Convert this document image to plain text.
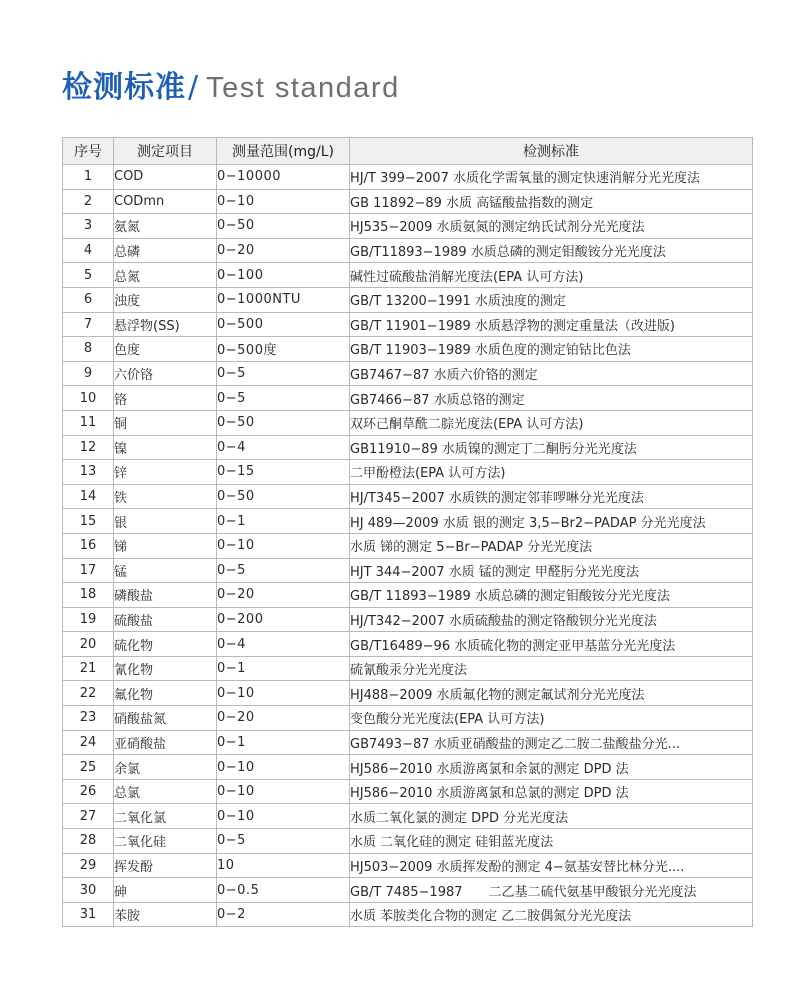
检测标准 / Test standard
序号	测定项目	测量范围(mg/L)	检测标准
1	COD	0−10000	HJ/T 399−2007 水质化学需氧量的测定快速消解分光光度法
2	CODmn	0−10	GB 11892−89 水质 高锰酸盐指数的测定
3	氨氮	0−50	HJ535−2009 水质氨氮的测定纳氏试剂分光光度法
4	总磷	0−20	GB/T11893−1989 水质总磷的测定钼酸铵分光光度法
5	总氮	0−100	碱性过硫酸盐消解光度法(EPA 认可方法)
6	浊度	0−1000NTU	GB/T 13200−1991 水质浊度的测定
7	悬浮物(SS)	0−500	GB/T 11901−1989 水质悬浮物的测定重量法（改进版)
8	色度	0−500度	GB/T 11903−1989 水质色度的测定铂钴比色法
9	六价铬	0−5	GB7467−87 水质六价铬的测定
10	铬	0−5	GB7466−87 水质总铬的测定
11	铜	0−50	双环己酮草酰二腙光度法(EPA 认可方法)
12	镍	0−4	GB11910−89 水质镍的测定丁二酮肟分光光度法
13	锌	0−15	二甲酚橙法(EPA 认可方法)
14	铁	0−50	HJ/T345−2007 水质铁的测定邻菲啰啉分光光度法
15	银	0−1	HJ 489—2009 水质 银的测定 3,5−Br2−PADAP 分光光度法
16	锑	0−10	水质 锑的测定 5−Br−PADAP 分光光度法
17	锰	0−5	HJT 344−2007 水质 锰的测定 甲醛肟分光光度法
18	磷酸盐	0−20	GB/T 11893−1989 水质总磷的测定钼酸铵分光光度法
19	硫酸盐	0−200	HJ/T342−2007 水质硫酸盐的测定铬酸钡分光光度法
20	硫化物	0−4	GB/T16489−96 水质硫化物的测定亚甲基蓝分光光度法
21	氰化物	0−1	硫氰酸汞分光光度法
22	氟化物	0−10	HJ488−2009 水质氟化物的测定氟试剂分光光度法
23	硝酸盐氮	0−20	变色酸分光光度法(EPA 认可方法)
24	亚硝酸盐	0−1	GB7493−87 水质亚硝酸盐的测定乙二胺二盐酸盐分光...
25	余氯	0−10	HJ586−2010 水质游离氯和余氯的测定 DPD 法
26	总氯	0−10	HJ586−2010 水质游离氯和总氯的测定 DPD 法
27	二氧化氯	0−10	水质二氧化氯的测定 DPD 分光光度法
28	二氧化硅	0−5	水质 二氧化硅的测定 硅钼蓝光度法
29	挥发酚	10	HJ503−2009 水质挥发酚的测定 4−氨基安替比林分光....
30	砷	0−0.5	GB/T 7485−1987　　二乙基二硫代氨基甲酸银分光光度法
31	苯胺	0−2	水质 苯胺类化合物的测定 乙二胺偶氮分光光度法
